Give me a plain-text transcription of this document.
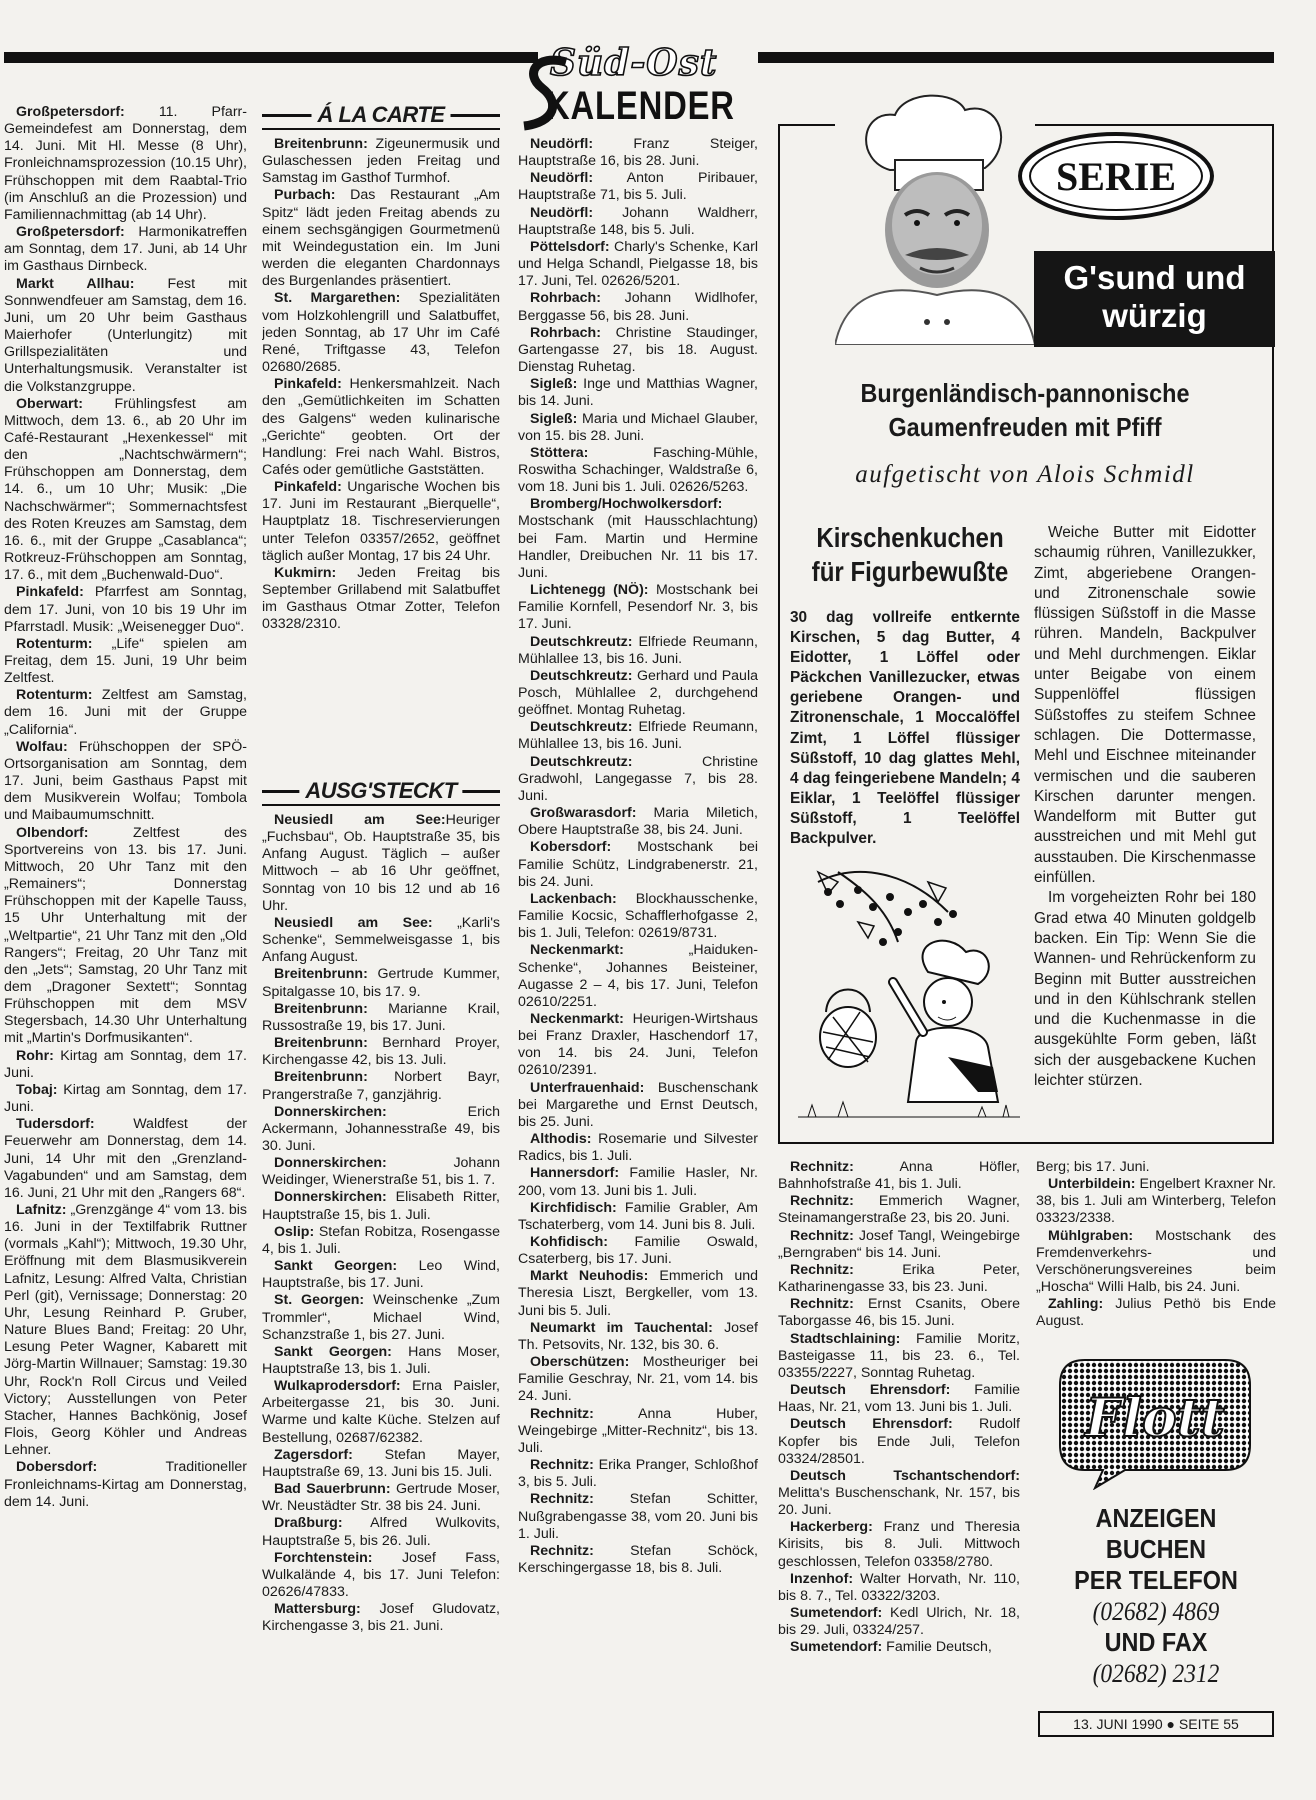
Süd-Ost
KALENDER

Großpetersdorf: 11. Pfarr-Gemeindefest am Donnerstag, dem 14. Juni. Mit Hl. Messe (8 Uhr), Fronleichnamsprozession (10.15 Uhr), Frühschoppen mit dem Raabtal-Trio (im Anschluß an die Prozession) und Familiennachmittag (ab 14 Uhr).

Großpetersdorf: Harmonikatreffen am Sonntag, dem 17. Juni, ab 14 Uhr im Gasthaus Dirnbeck.

Markt Allhau: Fest mit Sonnwendfeuer am Samstag, dem 16. Juni, um 20 Uhr beim Gasthaus Maierhofer (Unterlungitz) mit Grillspezialitäten und Unterhaltungsmusik. Veranstalter ist die Volkstanzgruppe.

Oberwart: Frühlingsfest am Mittwoch, dem 13. 6., ab 20 Uhr im Café-Restaurant „Hexenkessel“ mit den „Nachtschwärmern“; Frühschoppen am Donnerstag, dem 14. 6., um 10 Uhr; Musik: „Die Nachschwärmer“; Sommernachtsfest des Roten Kreuzes am Samstag, dem 16. 6., mit der Gruppe „Casablanca“; Rotkreuz-Frühschoppen am Sonntag, 17. 6., mit dem „Buchenwald-Duo“.

Pinkafeld: Pfarrfest am Sonntag, dem 17. Juni, von 10 bis 19 Uhr im Pfarrstadl. Musik: „Weisenegger Duo“.

Rotenturm: „Life“ spielen am Freitag, dem 15. Juni, 19 Uhr beim Zeltfest.

Rotenturm: Zeltfest am Samstag, dem 16. Juni mit der Gruppe „California“.

Wolfau: Frühschoppen der SPÖ-Ortsorganisation am Sonntag, dem 17. Juni, beim Gasthaus Papst mit dem Musikverein Wolfau; Tombola und Maibaumumschnitt.

Olbendorf: Zeltfest des Sportvereins von 13. bis 17. Juni. Mittwoch, 20 Uhr Tanz mit den „Remainers“; Donnerstag Frühschoppen mit der Kapelle Tauss, 15 Uhr Unterhaltung mit der „Weltpartie“, 21 Uhr Tanz mit den „Old Rangers“; Freitag, 20 Uhr Tanz mit den „Jets“; Samstag, 20 Uhr Tanz mit dem „Dragoner Sextett“; Sonntag Frühschoppen mit dem MSV Stegersbach, 14.30 Uhr Unterhaltung mit „Martin's Dorfmusikanten“.

Rohr: Kirtag am Sonntag, dem 17. Juni.

Tobaj: Kirtag am Sonntag, dem 17. Juni.

Tudersdorf: Waldfest der Feuerwehr am Donnerstag, dem 14. Juni, 14 Uhr mit den „Grenzland-Vagabunden“ und am Samstag, dem 16. Juni, 21 Uhr mit den „Rangers 68“.

Lafnitz: „Grenzgänge 4“ vom 13. bis 16. Juni in der Textilfabrik Ruttner (vormals „Kahl“); Mittwoch, 19.30 Uhr, Eröffnung mit dem Blasmusikverein Lafnitz, Lesung: Alfred Valta, Christian Perl (git), Vernissage; Donnerstag: 20 Uhr, Lesung Reinhard P. Gruber, Nature Blues Band; Freitag: 20 Uhr, Lesung Peter Wagner, Kabarett mit Jörg-Martin Willnauer; Samstag: 19.30 Uhr, Rock'n Roll Circus und Veiled Victory; Ausstellungen von Peter Stacher, Hannes Bachkönig, Josef Flois, Georg Köhler und Andreas Lehner.

Dobersdorf: Traditioneller Fronleichnams-Kirtag am Donnerstag, dem 14. Juni.

Á LA CARTE

Breitenbrunn: Zigeunermusik und Gulaschessen jeden Freitag und Samstag im Gasthof Turmhof.

Purbach: Das Restaurant „Am Spitz“ lädt jeden Freitag abends zu einem sechsgängigen Gourmetmenü mit Weindegustation ein. Im Juni werden die eleganten Chardonnays des Burgenlandes präsentiert.

St. Margarethen: Spezialitäten vom Holzkohlengrill und Salatbuffet, jeden Sonntag, ab 17 Uhr im Café René, Triftgasse 43, Telefon 02680/2685.

Pinkafeld: Henkersmahlzeit. Nach den „Gemütlichkeiten im Schatten des Galgens“ weden kulinarische „Gerichte“ geobten. Ort der Handlung: Frei nach Wahl. Bistros, Cafés oder gemütliche Gaststätten.

Pinkafeld: Ungarische Wochen bis 17. Juni im Restaurant „Bierquelle“, Hauptplatz 18. Tischreservierungen unter Telefon 03357/2652, geöffnet täglich außer Montag, 17 bis 24 Uhr.

Kukmirn: Jeden Freitag bis September Grillabend mit Salatbuffet im Gasthaus Otmar Zotter, Telefon 03328/2310.

AUSG'STECKT

Neusiedl am See:Heuriger „Fuchsbau“, Ob. Hauptstraße 35, bis Anfang August. Täglich – außer Mittwoch – ab 16 Uhr geöffnet, Sonntag von 10 bis 12 und ab 16 Uhr.

Neusiedl am See: „Karli's Schenke“, Semmelweisgasse 1, bis Anfang August.

Breitenbrunn: Gertrude Kummer, Spitalgasse 10, bis 17. 9.

Breitenbrunn: Marianne Krail, Russostraße 19, bis 17. Juni.

Breitenbrunn: Bernhard Proyer, Kirchengasse 42, bis 13. Juli.

Breitenbrunn: Norbert Bayr, Prangerstraße 7, ganzjährig.

Donnerskirchen: Erich Ackermann, Johannesstraße 49, bis 30. Juni.

Donnerskirchen: Johann Weidinger, Wienerstraße 51, bis 1. 7.

Donnerskirchen: Elisabeth Ritter, Hauptstraße 15, bis 1. Juli.

Oslip: Stefan Robitza, Rosengasse 4, bis 1. Juli.

Sankt Georgen: Leo Wind, Hauptstraße, bis 17. Juni.

St. Georgen: Weinschenke „Zum Trommler“, Michael Wind, Schanzstraße 1, bis 27. Juni.

Sankt Georgen: Hans Moser, Hauptstraße 13, bis 1. Juli.

Wulkaprodersdorf: Erna Paisler, Arbeitergasse 21, bis 30. Juni. Warme und kalte Küche. Stelzen auf Bestellung, 02687/62382.

Zagersdorf: Stefan Mayer, Hauptstraße 69, 13. Juni bis 15. Juli.

Bad Sauerbrunn: Gertrude Moser, Wr. Neustädter Str. 38 bis 24. Juni.

Draßburg: Alfred Wulkovits, Hauptstraße 5, bis 26. Juli.

Forchtenstein: Josef Fass, Wulkalände 4, bis 17. Juni Telefon: 02626/47833.

Mattersburg: Josef Gludovatz, Kirchengasse 3, bis 21. Juni.

Neudörfl: Franz Steiger, Hauptstraße 16, bis 28. Juni.

Neudörfl: Anton Piribauer, Hauptstraße 71, bis 5. Juli.

Neudörfl: Johann Waldherr, Hauptstraße 148, bis 5. Juli.

Pöttelsdorf: Charly's Schenke, Karl und Helga Schandl, Pielgasse 18, bis 17. Juni, Tel. 02626/5201.

Rohrbach: Johann Widlhofer, Berggasse 56, bis 28. Juni.

Rohrbach: Christine Staudinger, Gartengasse 27, bis 18. August. Dienstag Ruhetag.

Sigleß: Inge und Matthias Wagner, bis 14. Juni.

Sigleß: Maria und Michael Glauber, von 15. bis 28. Juni.

Stöttera: Fasching-Mühle, Roswitha Schachinger, Waldstraße 6, vom 18. Juni bis 1. Juli. 02626/5263.

Bromberg/Hochwolkersdorf: Mostschank (mit Hausschlachtung) bei Fam. Martin und Hermine Handler, Dreibuchen Nr. 11 bis 17. Juni.

Lichtenegg (NÖ): Mostschank bei Familie Kornfell, Pesendorf Nr. 3, bis 17. Juni.

Deutschkreutz: Elfriede Reumann, Mühlallee 13, bis 16. Juni.

Deutschkreutz: Gerhard und Paula Posch, Mühlallee 2, durchgehend geöffnet. Montag Ruhetag.

Deutschkreutz: Elfriede Reumann, Mühlallee 13, bis 16. Juni.

Deutschkreutz: Christine Gradwohl, Langegasse 7, bis 28. Juni.

Großwarasdorf: Maria Miletich, Obere Hauptstraße 38, bis 24. Juni.

Kobersdorf: Mostschank bei Familie Schütz, Lindgrabenerstr. 21, bis 24. Juni.

Lackenbach: Blockhausschenke, Familie Kocsic, Schafflerhofgasse 2, bis 1. Juli, Telefon: 02619/8731.

Neckenmarkt: „Haiduken-Schenke“, Johannes Beisteiner, Augasse 2 – 4, bis 17. Juni, Telefon 02610/2251.

Neckenmarkt: Heurigen-Wirtshaus bei Franz Draxler, Haschendorf 17, von 14. bis 24. Juni, Telefon 02610/2391.

Unterfrauenhaid: Buschenschank bei Margarethe und Ernst Deutsch, bis 25. Juni.

Althodis: Rosemarie und Silvester Radics, bis 1. Juli.

Hannersdorf: Familie Hasler, Nr. 200, vom 13. Juni bis 1. Juli.

Kirchfidisch: Familie Grabler, Am Tschaterberg, vom 14. Juni bis 8. Juli.

Kohfidisch: Familie Oswald, Csaterberg, bis 17. Juni.

Markt Neuhodis: Emmerich und Theresia Liszt, Bergkeller, vom 13. Juni bis 5. Juli.

Neumarkt im Tauchental: Josef Th. Petsovits, Nr. 132, bis 30. 6.

Oberschützen: Mostheuriger bei Familie Geschray, Nr. 21, vom 14. bis 24. Juni.

Rechnitz: Anna Huber, Weingebirge „Mitter-Rechnitz“, bis 13. Juli.

Rechnitz: Erika Pranger, Schloßhof 3, bis 5. Juli.

Rechnitz: Stefan Schitter, Nußgrabengasse 38, vom 20. Juni bis 1. Juli.

Rechnitz: Stefan Schöck, Kerschingergasse 18, bis 8. Juli.

SERIE
G'sund und
würzig
Burgenländisch-pannonische
Gaumenfreuden mit Pfiff
aufgetischt von Alois Schmidl
Kirschenkuchen
für Figurbewußte
30 dag vollreife entkernte Kirschen, 5 dag Butter, 4 Eidotter, 1 Löffel oder Päckchen Vanillezucker, etwas geriebene Orangen- und Zitronenschale, 1 Moccalöffel Zimt, 1 Löffel flüssiger Süßstoff, 10 dag glattes Mehl, 4 dag feingeriebene Mandeln; 4 Eiklar, 1 Teelöffel flüssiger Süßstoff, 1 Teelöffel Backpulver.

Weiche Butter mit Eidotter schaumig rühren, Vanillezukker, Zimt, abgeriebene Orangen- und Zitronenschale sowie flüssigen Süßstoff in die Masse rühren. Mandeln, Backpulver und Mehl durchmengen. Eiklar unter Beigabe von einem Suppenlöffel flüssigen Süßstoffes zu steifem Schnee schlagen. Die Dottermasse, Mehl und Eischnee miteinander vermischen und die sauberen Kirschen darunter mengen. Wandelform mit Butter gut ausstreichen und mit Mehl gut ausstauben. Die Kirschenmasse einfüllen.

Im vorgeheizten Rohr bei 180 Grad etwa 40 Minuten goldgelb backen. Ein Tip: Wenn Sie die Wannen- und Rehrückenform zu Beginn mit Butter ausstreichen und in den Kühlschrank stellen und die Kuchenmasse in die ausgekühlte Form geben, läßt sich der ausgebackene Kuchen leichter stürzen.

Rechnitz: Anna Höfler, Bahnhofstraße 41, bis 1. Juli.

Rechnitz: Emmerich Wagner, Steinamangerstraße 23, bis 20. Juni.

Rechnitz: Josef Tangl, Weingebirge „Berngraben“ bis 14. Juni.

Rechnitz: Erika Peter, Katharinengasse 33, bis 23. Juni.

Rechnitz: Ernst Csanits, Obere Taborgasse 46, bis 15. Juni.

Stadtschlaining: Familie Moritz, Basteigasse 11, bis 23. 6., Tel. 03355/2227, Sonntag Ruhetag.

Deutsch Ehrensdorf: Familie Haas, Nr. 21, vom 13. Juni bis 1. Juli.

Deutsch Ehrensdorf: Rudolf Kopfer bis Ende Juli, Telefon 03324/28501.

Deutsch Tschantschendorf: Melitta's Buschenschank, Nr. 157, bis 20. Juni.

Hackerberg: Franz und Theresia Kirisits, bis 8. Juli. Mittwoch geschlossen, Telefon 03358/2780.

Inzenhof: Walter Horvath, Nr. 110, bis 8. 7., Tel. 03322/3203.

Sumetendorf: Kedl Ulrich, Nr. 18, bis 29. Juli, 03324/257.

Sumetendorf: Familie Deutsch,

Berg; bis 17. Juni.

Unterbildein: Engelbert Kraxner Nr. 38, bis 1. Juli am Winterberg, Telefon 03323/2338.

Mühlgraben: Mostschank des Fremdenverkehrs- und Verschönerungsvereines beim „Hoscha“ Willi Halb, bis 24. Juni.

Zahling: Julius Pethö bis Ende August.

Flott
ANZEIGEN
BUCHEN
PER TELEFON
(02682) 4869
UND FAX
(02682) 2312
13. JUNI 1990 ● SEITE 55
